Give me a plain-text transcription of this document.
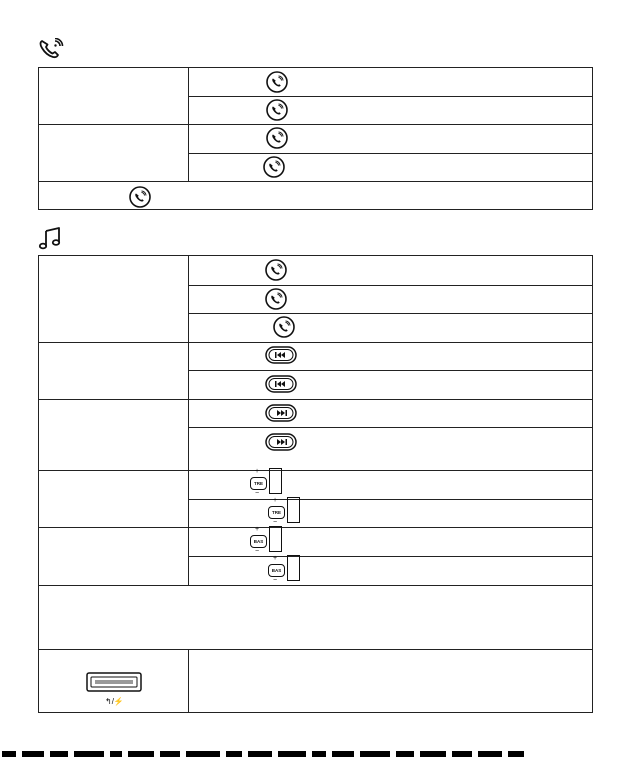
+
TRE
−
+
TRE
−
+
BAS
−
+
BAS
−
↰/⚡
